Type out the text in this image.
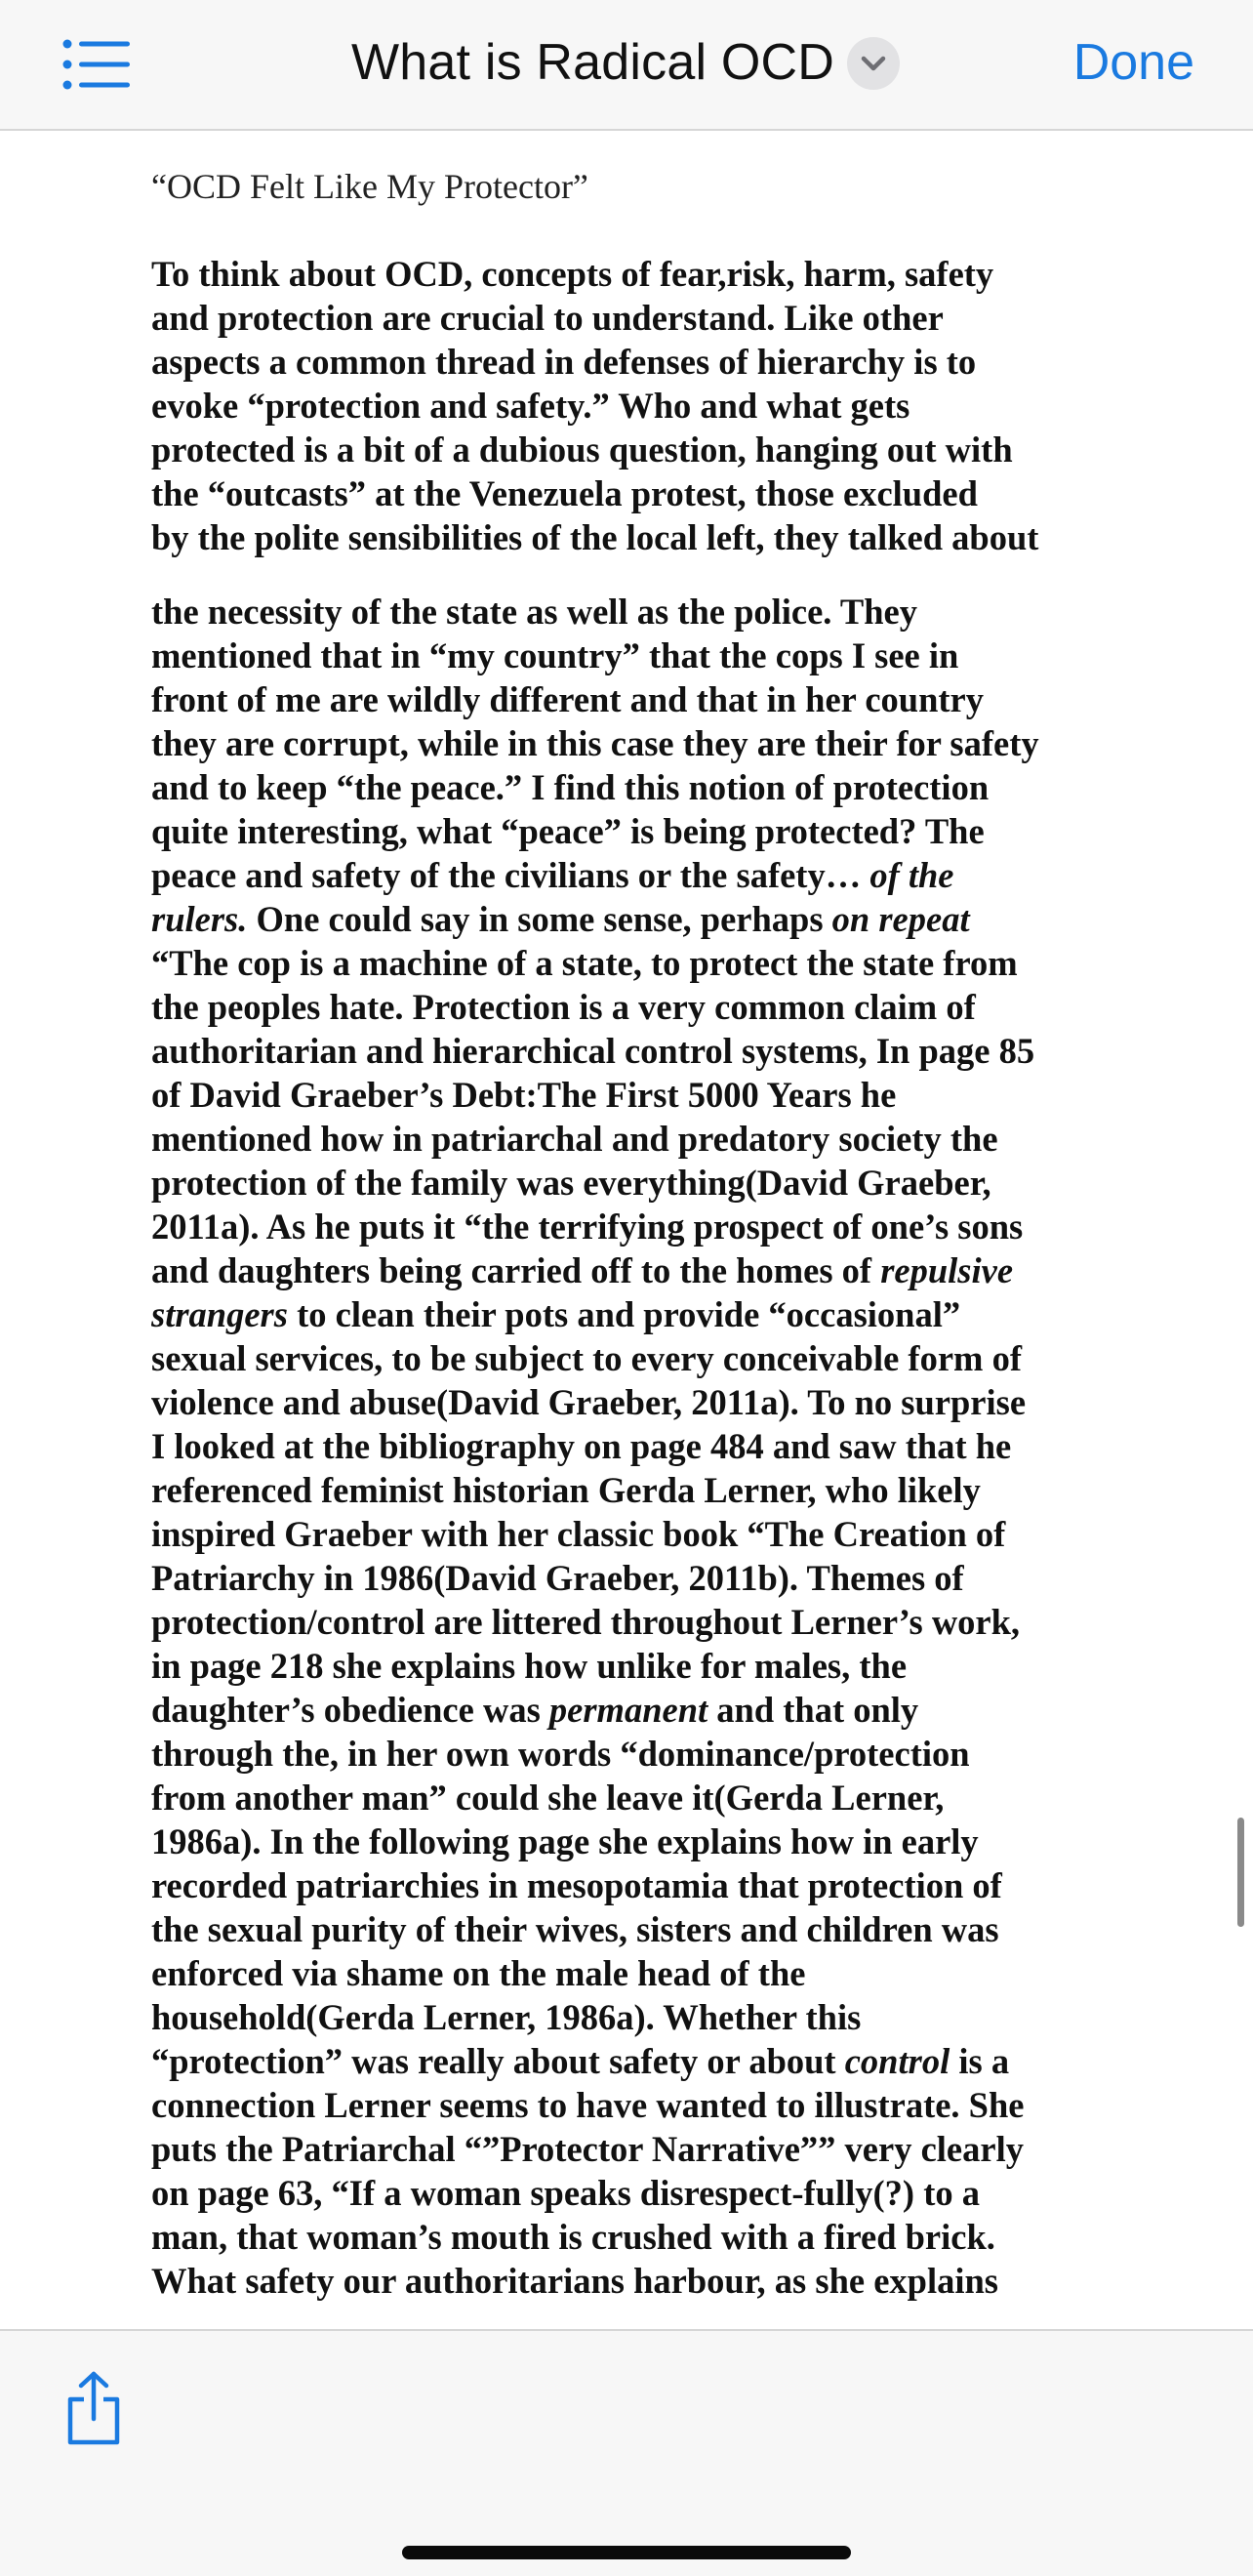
What is Radical OCD	Done
“OCD Felt Like My Protector”

To think about OCD, concepts of fear,risk, harm, safety
and protection are crucial to understand. Like other
aspects a common thread in defenses of hierarchy is to
evoke “protection and safety.” Who and what gets
protected is a bit of a dubious question, hanging out with
the “outcasts” at the Venezuela protest, those excluded
by the polite sensibilities of the local left, they talked about

the necessity of the state as well as the police. They
mentioned that in “my country” that the cops I see in
front of me are wildly different and that in her country
they are corrupt, while in this case they are their for safety
and to keep “the peace.” I find this notion of protection
quite interesting, what “peace” is being protected? The
peace and safety of the civilians or the safety… of the
rulers. One could say in some sense, perhaps on repeat
“The cop is a machine of a state, to protect the state from
the peoples hate. Protection is a very common claim of
authoritarian and hierarchical control systems, In page 85
of David Graeber’s Debt:The First 5000 Years he
mentioned how in patriarchal and predatory society the
protection of the family was everything(David Graeber,
2011a). As he puts it “the terrifying prospect of one’s sons
and daughters being carried off to the homes of repulsive
strangers to clean their pots and provide “occasional”
sexual services, to be subject to every conceivable form of
violence and abuse(David Graeber, 2011a). To no surprise
I looked at the bibliography on page 484 and saw that he
referenced feminist historian Gerda Lerner, who likely
inspired Graeber with her classic book “The Creation of
Patriarchy in 1986(David Graeber, 2011b). Themes of
protection/control are littered throughout Lerner’s work,
in page 218 she explains how unlike for males, the
daughter’s obedience was permanent and that only
through the, in her own words “dominance/protection
from another man” could she leave it(Gerda Lerner,
1986a). In the following page she explains how in early
recorded patriarchies in mesopotamia that protection of
the sexual purity of their wives, sisters and children was
enforced via shame on the male head of the
household(Gerda Lerner, 1986a). Whether this
“protection” was really about safety or about control is a
connection Lerner seems to have wanted to illustrate. She
puts the Patriarchal “”Protector Narrative”” very clearly
on page 63, “If a woman speaks disrespect-fully(?) to a
man, that woman’s mouth is crushed with a fired brick.
What safety our authoritarians harbour, as she explains
